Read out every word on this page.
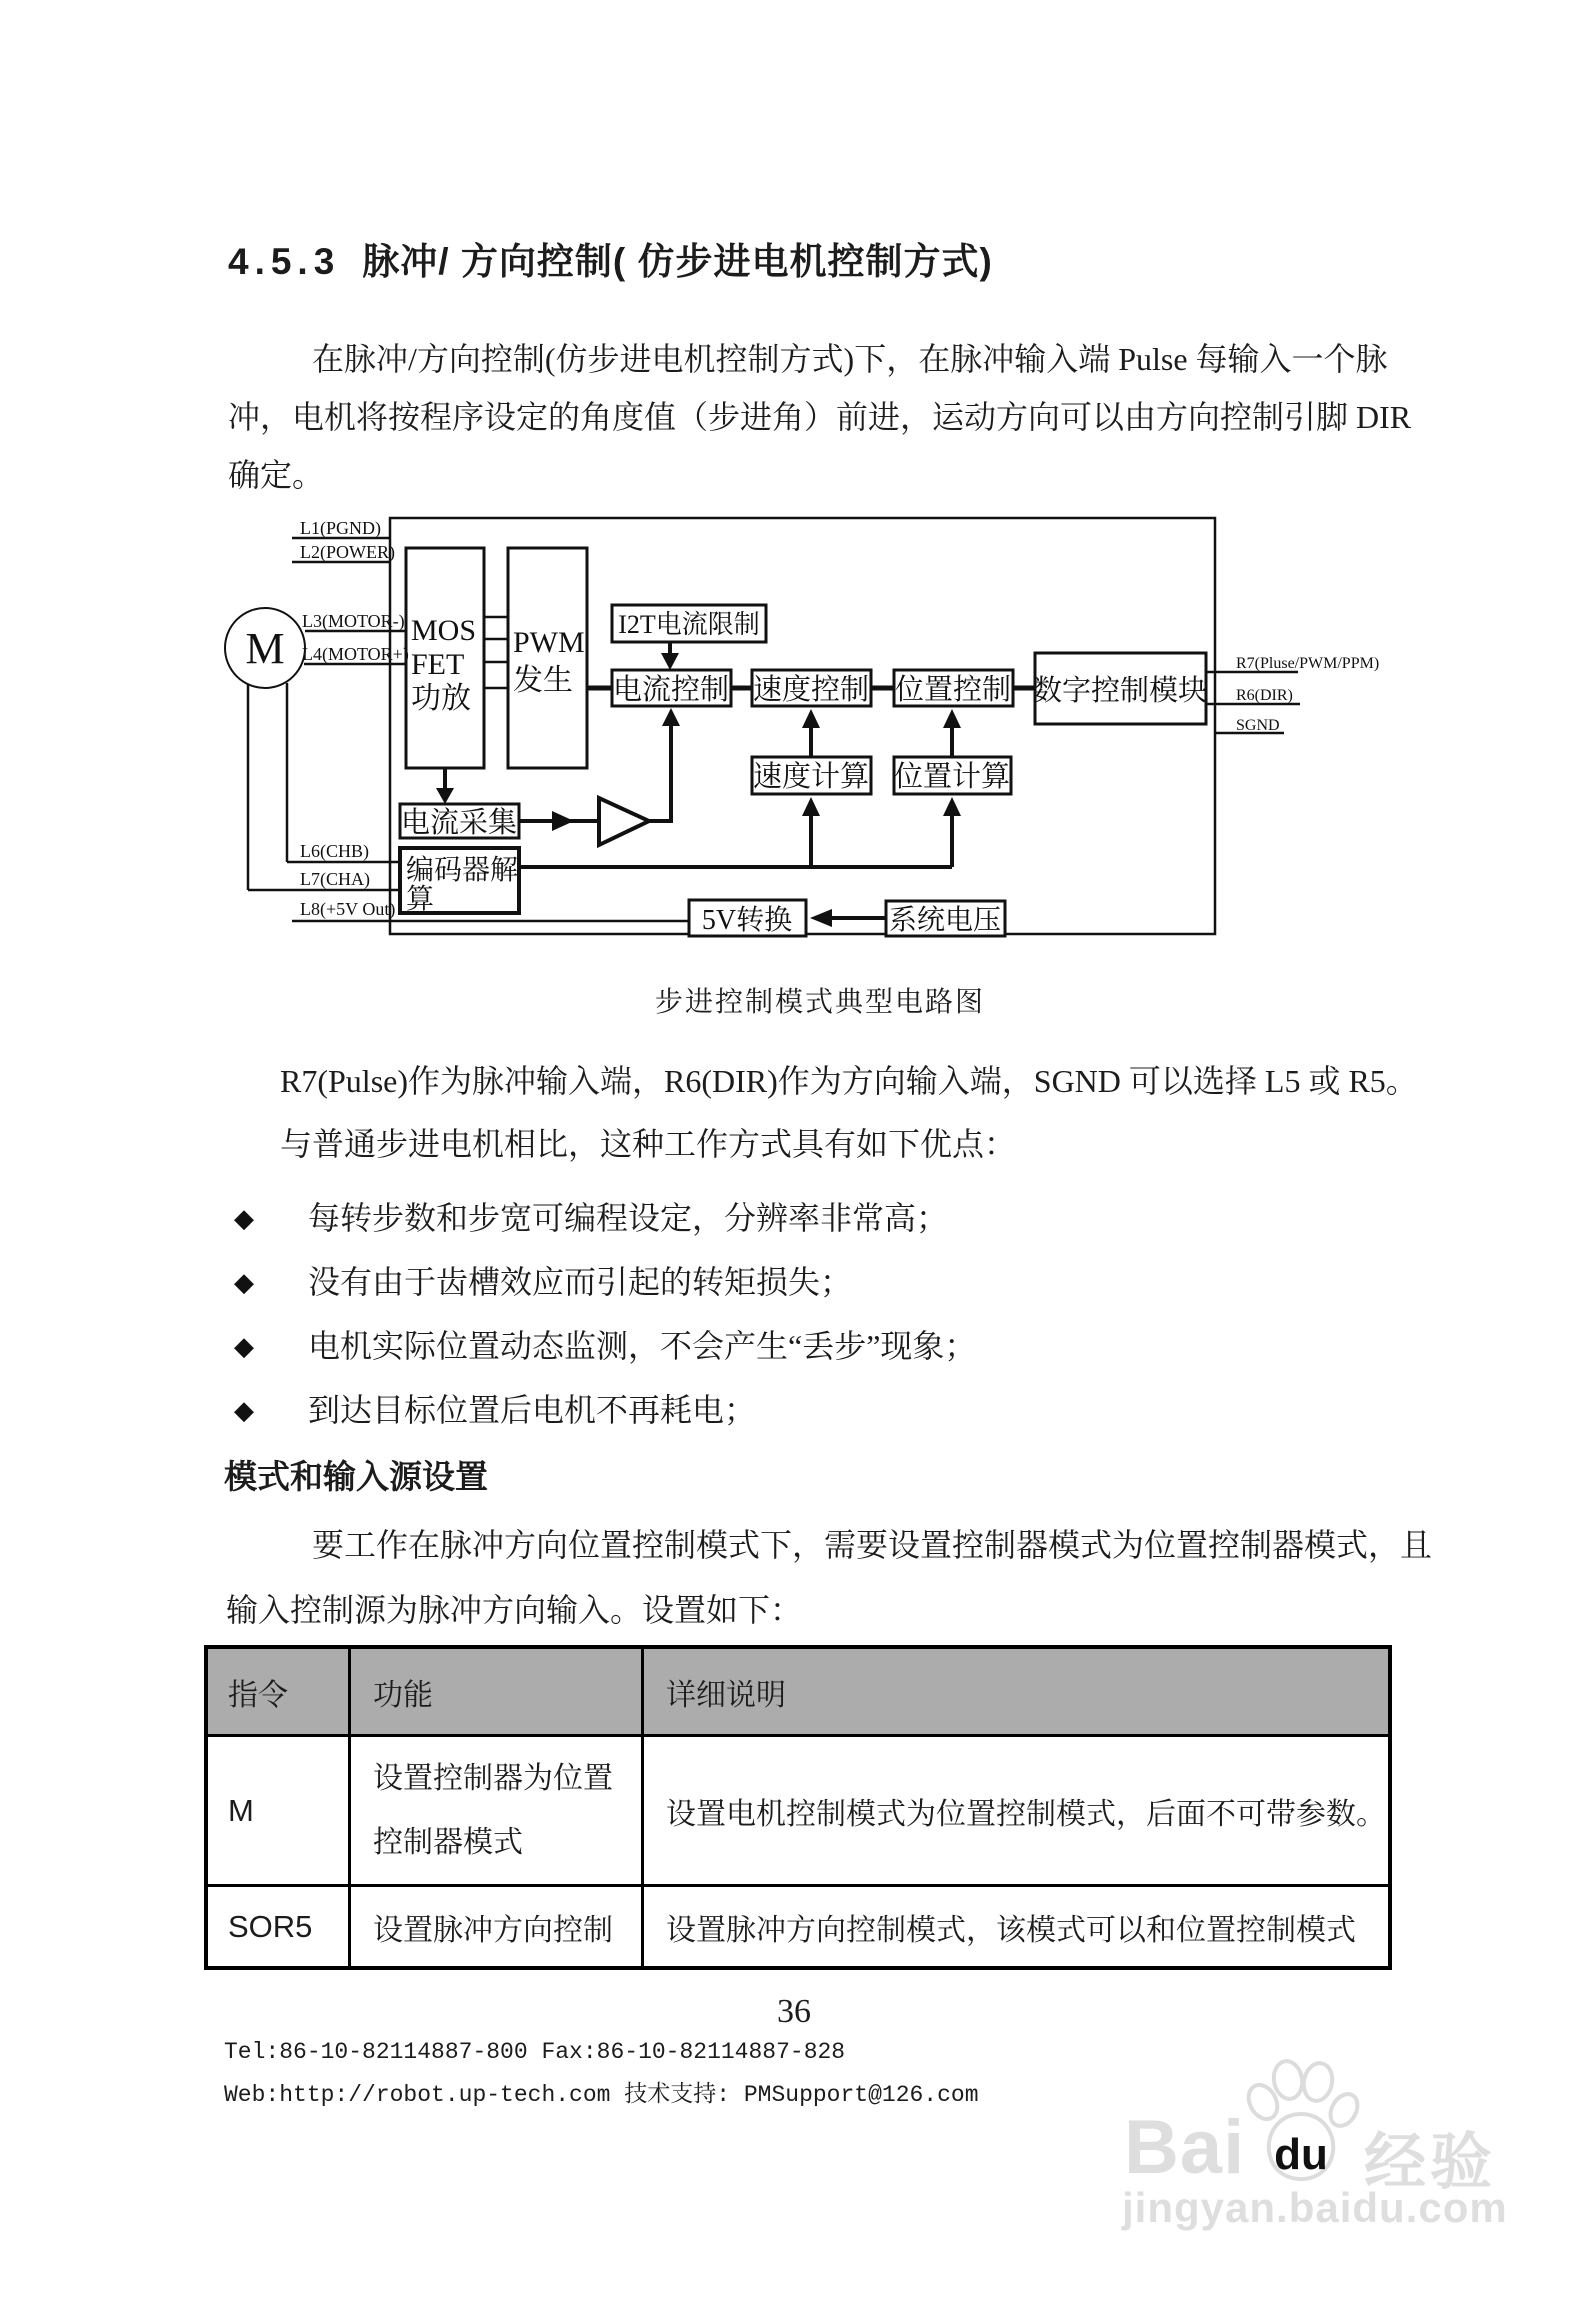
4.5.3 脉冲/ 方向控制( 仿步进电机控制方式)
在脉冲/方向控制(仿步进电机控制方式)下，在脉冲输入端 Pulse 每输入一个脉
冲，电机将按程序设定的角度值（步进角）前进，运动方向可以由方向控制引脚 DIR
确定。
M	MOS FET 功放
PWM 发生
I2T电流限制
电流控制 速度控制 位置控制 数字控制模块
速度计算 位置计算
电流采集
编码器解算
5V转换	系统电压
L1(PGND)
L2(POWER)
L3(MOTOR-)
L4(MOTOR+)
L6(CHB)
L7(CHA)
L8(+5V Out)
R7(Pluse/PWM/PPM)
R6(DIR)
SGND
步进控制模式典型电路图
R7(Pulse)作为脉冲输入端，R6(DIR)作为方向输入端，SGND 可以选择 L5 或 R5。
与普通步进电机相比，这种工作方式具有如下优点：
◆ 每转步数和步宽可编程设定，分辨率非常高；
◆ 没有由于齿槽效应而引起的转矩损失；
◆ 电机实际位置动态监测，不会产生“丢步”现象；
◆ 到达目标位置后电机不再耗电；
模式和输入源设置
要工作在脉冲方向位置控制模式下，需要设置控制器模式为位置控制器模式，且
输入控制源为脉冲方向输入。设置如下：
指令	功能	详细说明

M	设置控制器为位置
控制器模式	设置电机控制模式为位置控制模式，后面不可带参数。

SOR5	设置脉冲方向控制	设置脉冲方向控制模式，该模式可以和位置控制模式
36
Tel:86-10-82114887-800 Fax:86-10-82114887-828
Web:http://robot.up-tech.com 技术支持: PMSupport@126.com
Bai du 经验
jingyan.baidu.com
